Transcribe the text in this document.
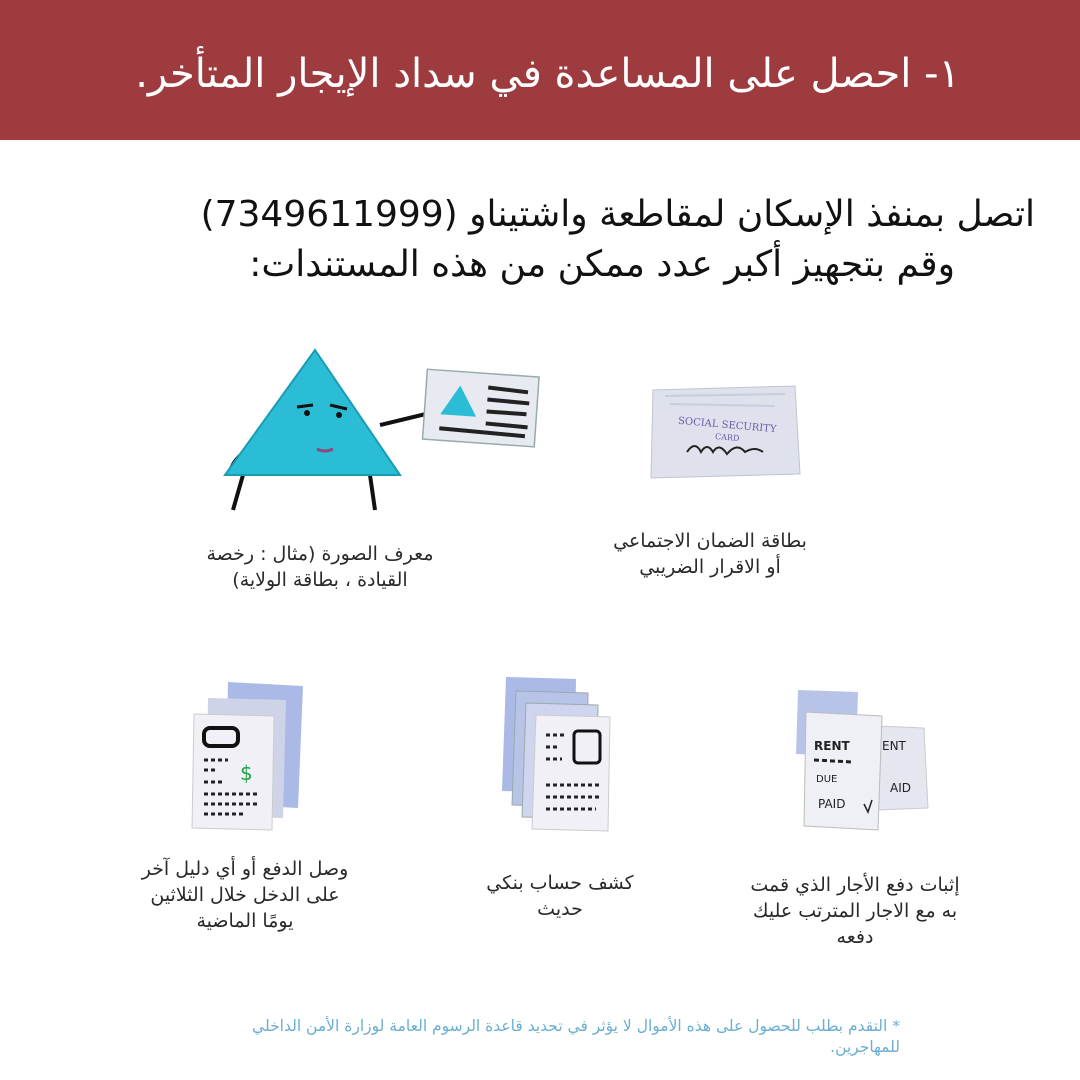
١- احصل على المساعدة في سداد الإيجار المتأخر.
اتصل بمنفذ الإسكان لمقاطعة واشتيناو (7349611999)
وقم بتجهيز أكبر عدد ممكن من هذه المستندات:
SOCIAL SECURITY
CARD
معرف الصورة (مثال : رخصة القيادة ، بطاقة الولاية)
بطاقة الضمان الاجتماعي أو الاقرار الضريبي
$
ENT
AID
RENT
DUE
PAID
وصل الدفع أو أي دليل آخر على الدخل خلال الثلاثين يومًا الماضية
كشف حساب بنكي حديث
إثبات دفع الأجار الذي قمت به مع الاجار المترتب عليك دفعه
* التقدم بطلب للحصول على هذه الأموال لا يؤثر في تحديد قاعدة الرسوم العامة لوزارة الأمن الداخلي للمهاجرين.
